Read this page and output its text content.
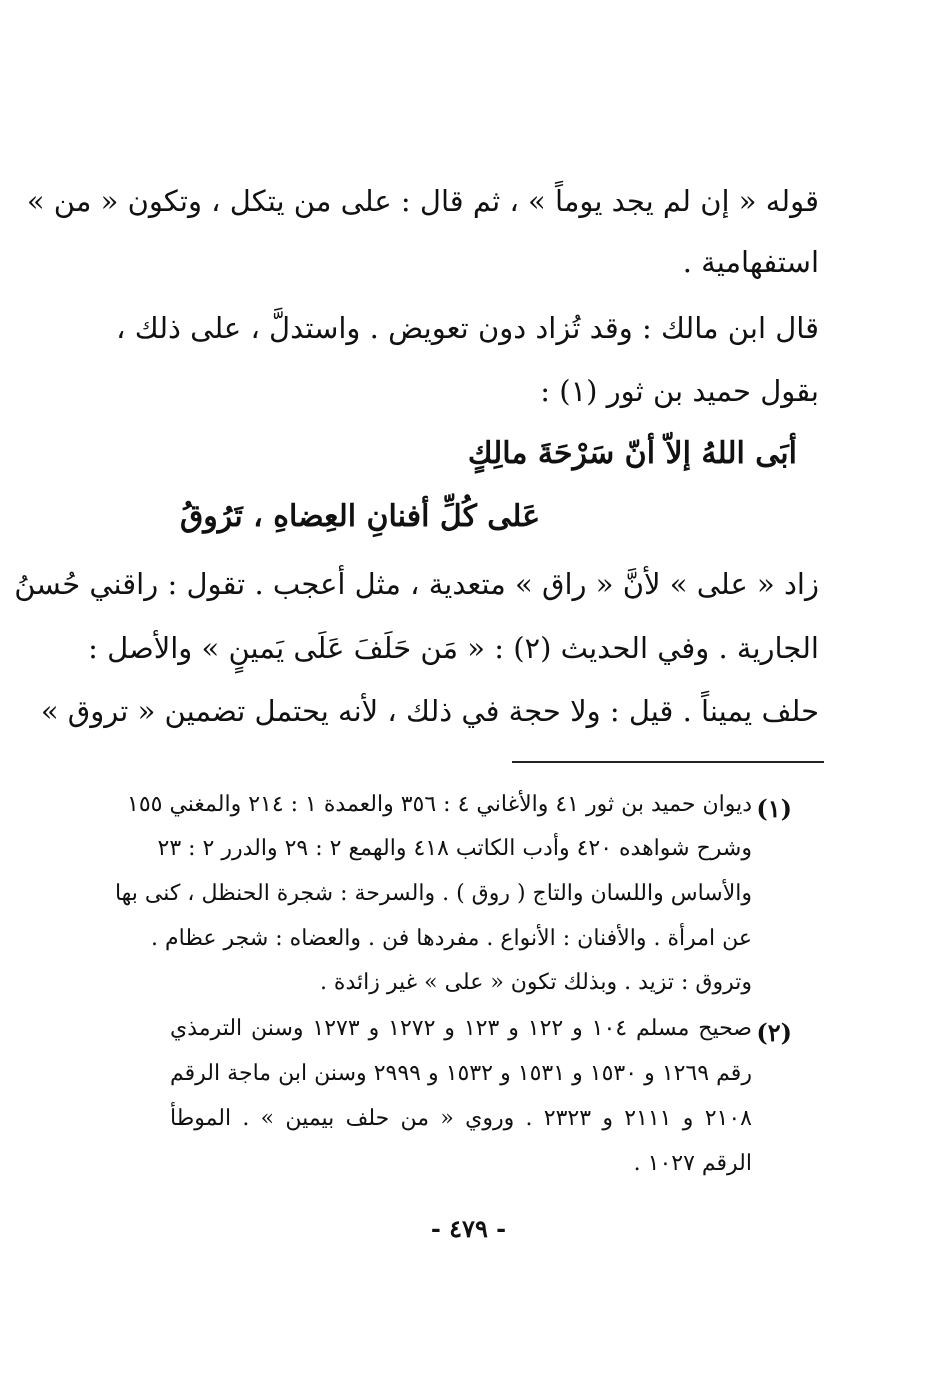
قوله « إن لم يجد يوماً » ، ثم قال : على من يتكل ، وتكون « من »

استفهامية .

قال ابن مالك : وقد تُزاد دون تعويض . واستدلَّ ، على ذلك ،

بقول حميد بن ثور (١) :

أبَى اللهُ إلاّ أنّ سَرْحَةَ مالِكٍ

عَلى كُلِّ أفنانِ العِضاهِ ، تَرُوقُ

زاد « على » لأنَّ « راق » متعدية ، مثل أعجب . تقول : راقني حُسنُ

الجارية . وفي الحديث (٢) : « مَن حَلَفَ عَلَى يَمينٍ » والأصل :

حلف يميناً . قيل : ولا حجة في ذلك ، لأنه يحتمل تضمين « تروق »

(١)

ديوان حميد بن ثور ٤١ والأغاني ٤ : ٣٥٦ والعمدة ١ : ٢١٤ والمغني ١٥٥

وشرح شواهده ٤٢٠ وأدب الكاتب ٤١٨ والهمع ٢ : ٢٩ والدرر ٢ : ٢٣

والأساس واللسان والتاج ( روق ) . والسرحة : شجرة الحنظل ، كنى بها

عن امرأة . والأفنان : الأنواع . مفردها فن . والعضاه : شجر عظام .

وتروق : تزيد . وبذلك تكون « على » غير زائدة .

(٢)

صحيح مسلم ١٠٤ و ١٢٢ و ١٢٣ و ١٢٧٢ و ١٢٧٣ وسنن الترمذي

رقم ١٢٦٩ و ١٥٣٠ و ١٥٣١ و ١٥٣٢ و ٢٩٩٩ وسنن ابن ماجة الرقم

٢١٠٨ و ٢١١١ و ٢٣٢٣ . وروي « من حلف بيمين » . الموطأ

الرقم ١٠٢٧ .

- ٤٧٩ -
